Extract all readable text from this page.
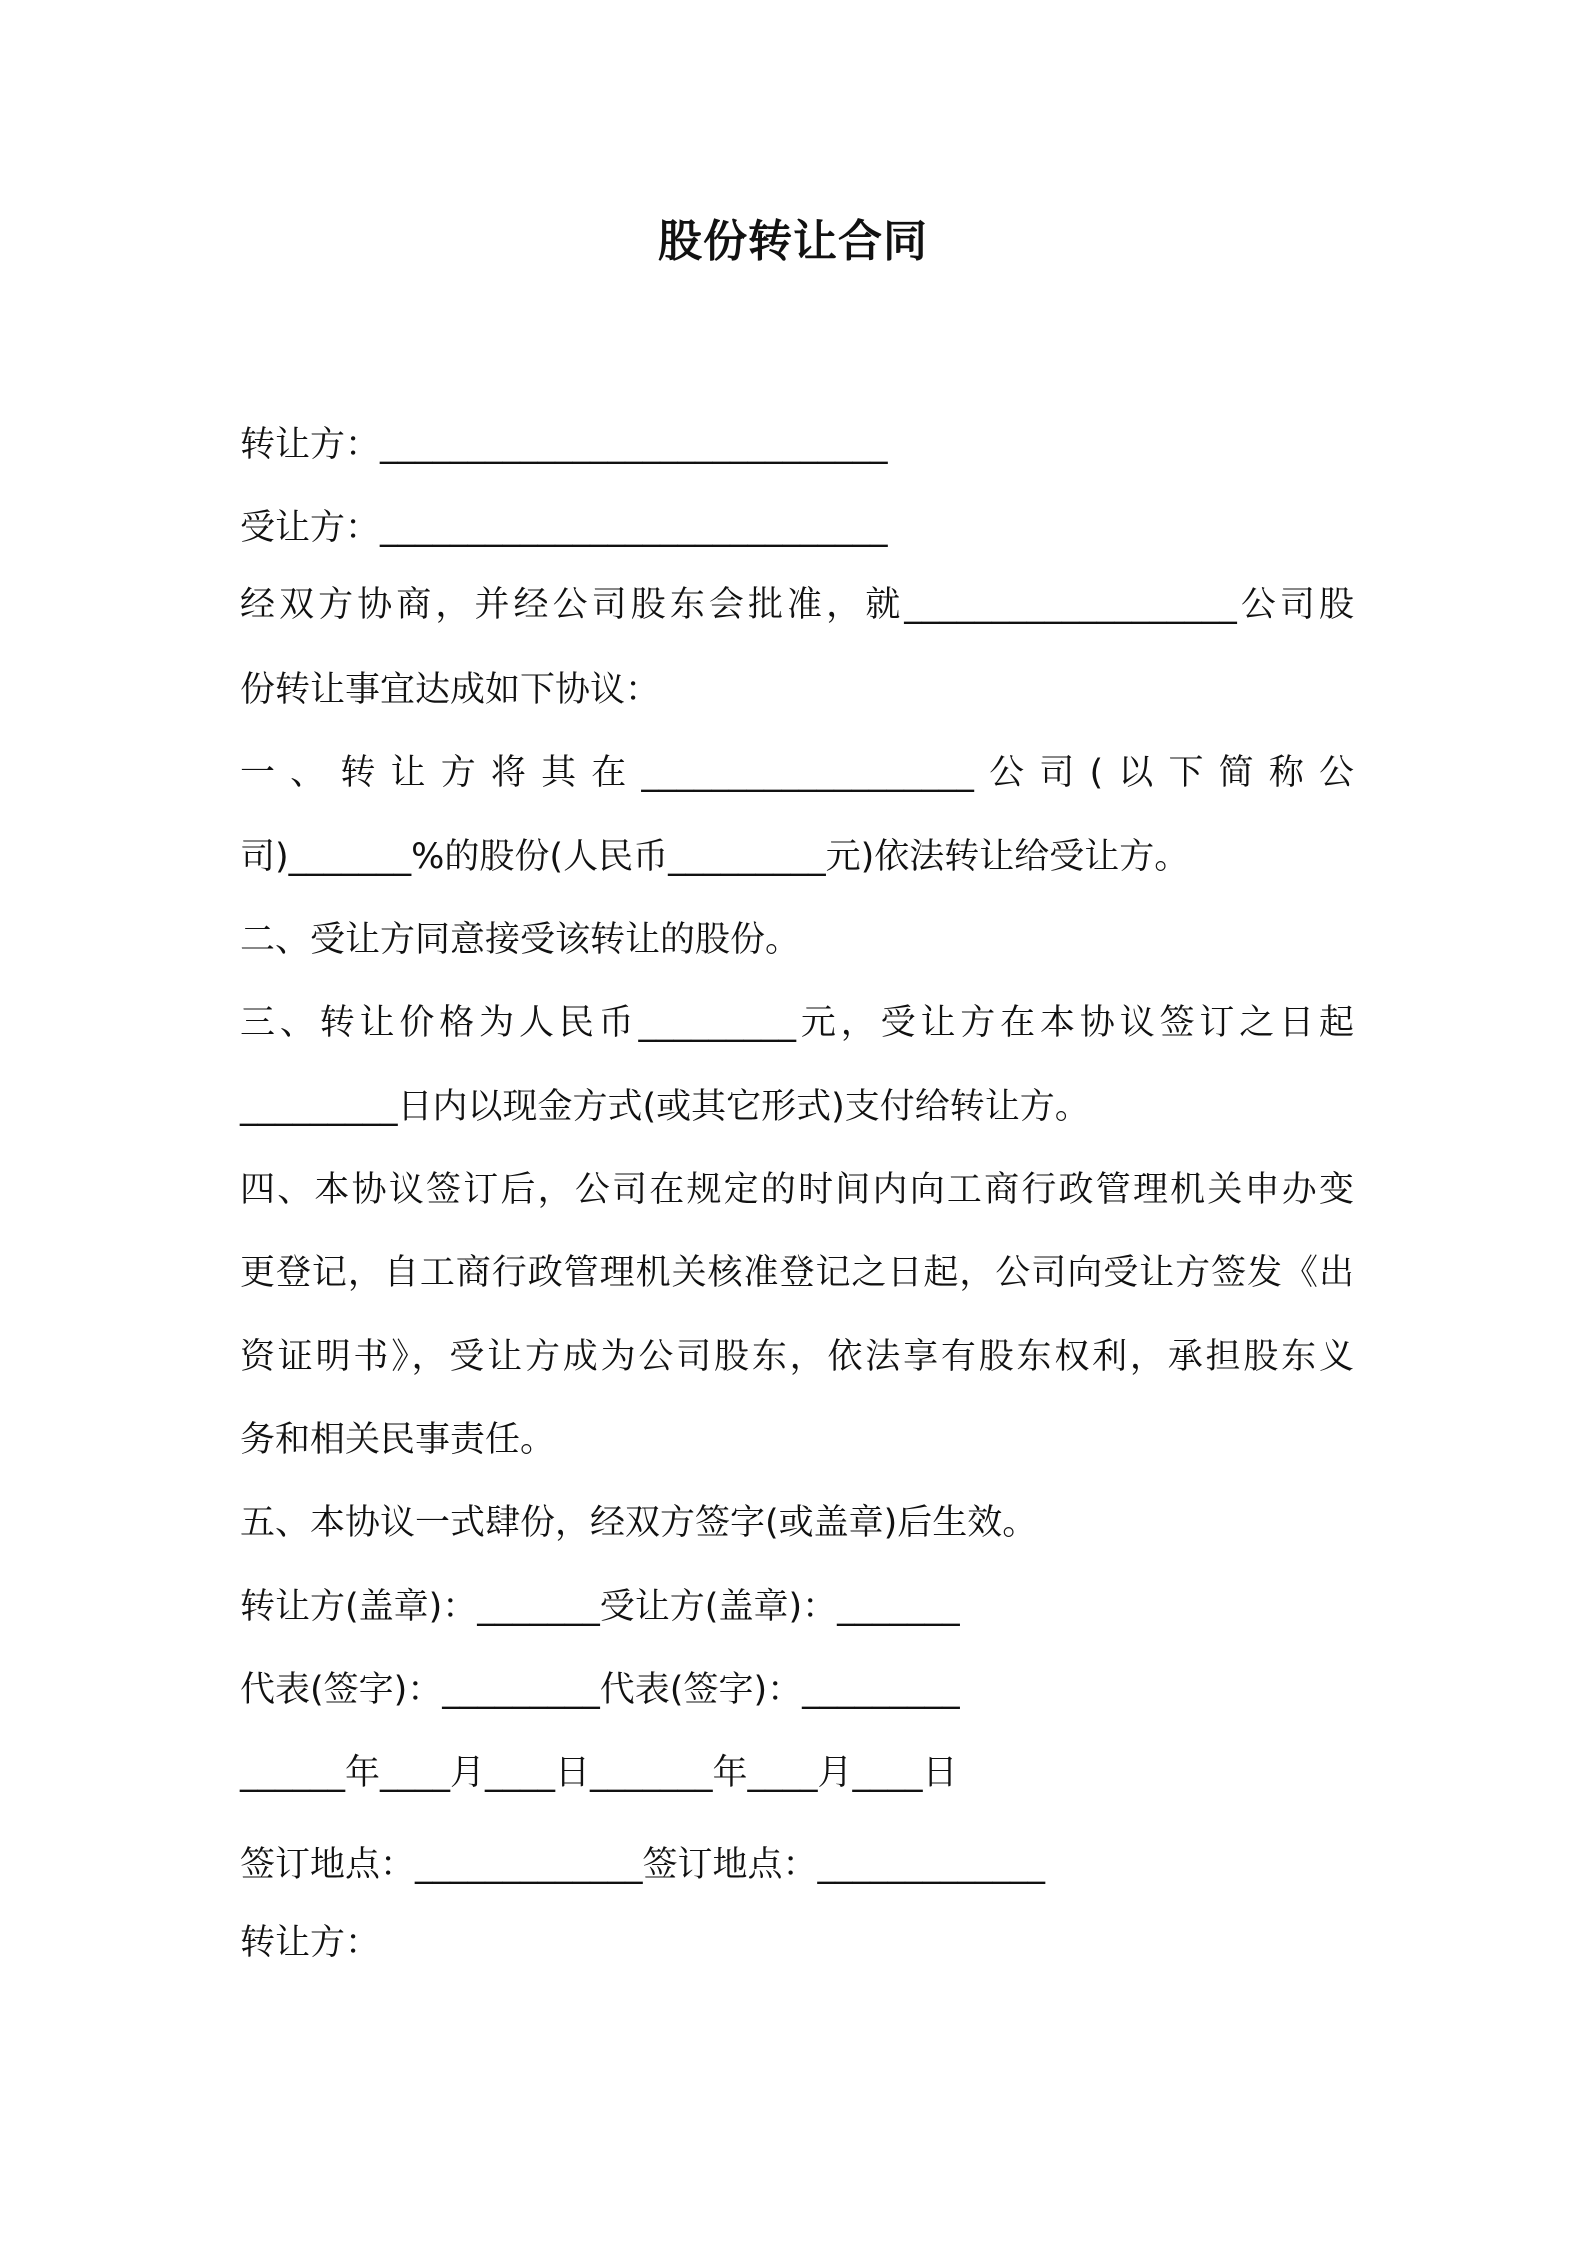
股份转让合同
转让方：_____________________________
受让方：_____________________________
经双方协商，并经公司股东会批准，就___________________公司股
份转让事宜达成如下协议：
一、转让方将其在___________________公司(以下简称公
司)_______%的股份(人民币_________元)依法转让给受让方。
二、受让方同意接受该转让的股份。
三、转让价格为人民币_________元，受让方在本协议签订之日起
_________日内以现金方式(或其它形式)支付给转让方。
四、本协议签订后，公司在规定的时间内向工商行政管理机关申办变
更登记，自工商行政管理机关核准登记之日起，公司向受让方签发《出
资证明书》，受让方成为公司股东，依法享有股东权利，承担股东义
务和相关民事责任。
五、本协议一式肆份，经双方签字(或盖章)后生效。
转让方(盖章)：_______受让方(盖章)：_______
代表(签字)：_________代表(签字)：_________
______年____月____日_______年____月____日
签订地点：_____________签订地点：_____________
转让方：
